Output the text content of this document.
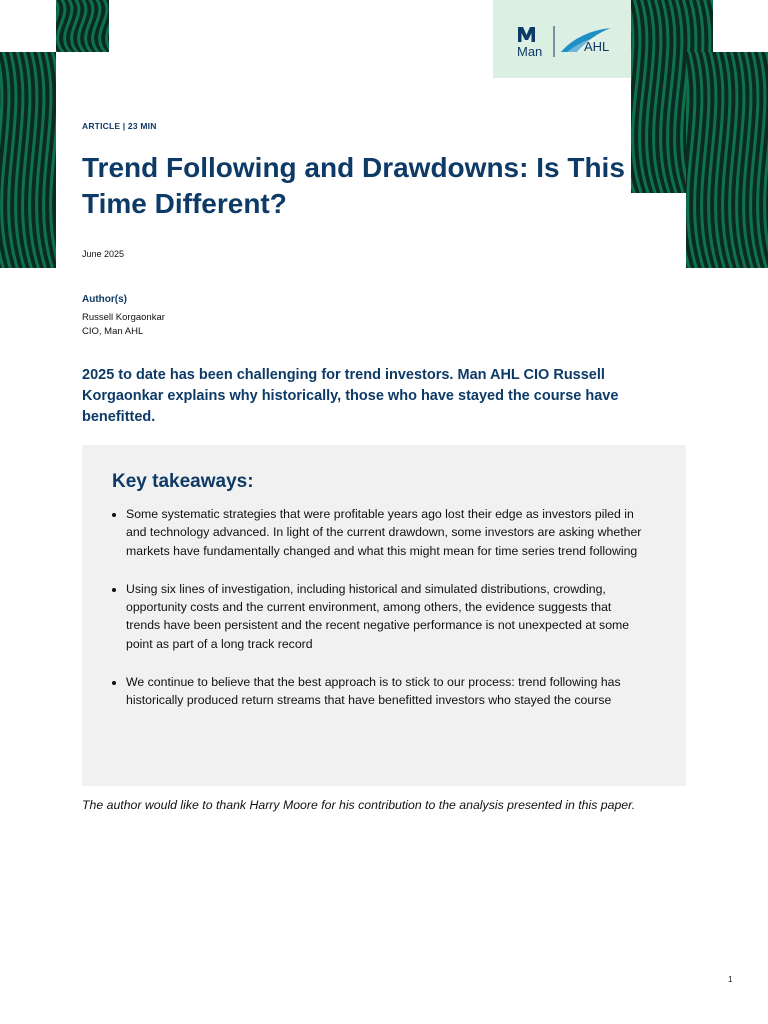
Man	AHL
ARTICLE | 23 MIN
Trend Following and Drawdowns: Is This Time Different?
June 2025
Author(s)
Russell Korgaonkar
CIO, Man AHL

2025 to date has been challenging for trend investors. Man AHL CIO Russell Korgaonkar explains why historically, those who have stayed the course have benefitted.

Key takeaways:
• Some systematic strategies that were profitable years ago lost their edge as investors piled in and technology advanced. In light of the current drawdown, some investors are asking whether markets have fundamentally changed and what this might mean for time series trend following
• Using six lines of investigation, including historical and simulated distributions, crowding, opportunity costs and the current environment, among others, the evidence suggests that trends have been persistent and the recent negative performance is not unexpected at some point as part of a long track record
• We continue to believe that the best approach is to stick to our process: trend following has historically produced return streams that have benefitted investors who stayed the course

The author would like to thank Harry Moore for his contribution to the analysis presented in this paper.

1
